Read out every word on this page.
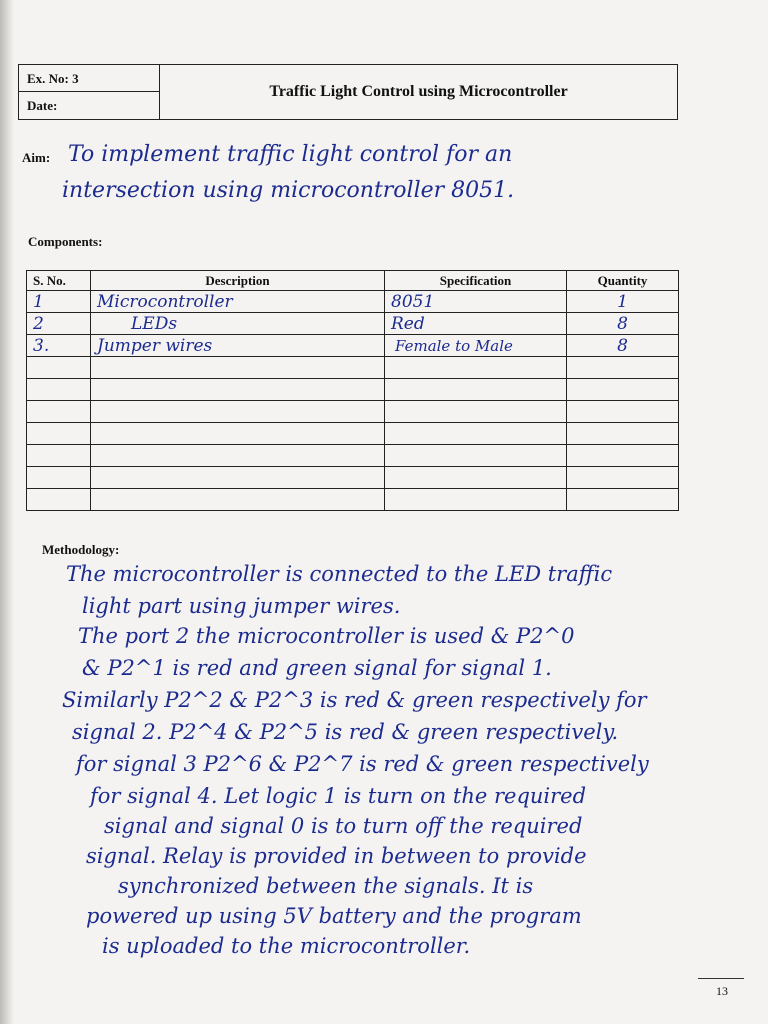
Ex. No: 3
Date:
Traffic Light Control using Microcontroller
Aim: To implement traffic light control for an
intersection using microcontroller 8051.
Components:
S. No.	Description	Specification	Quantity
1	Microcontroller	8051	1
2	LEDs	Red	8
3.	Jumper wires	Female to Male	8

Methodology:
The microcontroller is connected to the LED traffic
light part using jumper wires.
The port 2 the microcontroller is used & P2^0
& P2^1 is red and green signal for signal 1.
Similarly P2^2 & P2^3 is red & green respectively for
signal 2. P2^4 & P2^5 is red & green respectively.
for signal 3 P2^6 & P2^7 is red & green respectively
for signal 4. Let logic 1 is turn on the required
signal and signal 0 is to turn off the required
signal. Relay is provided in between to provide
synchronized between the signals. It is
powered up using 5V battery and the program
is uploaded to the microcontroller.
13
